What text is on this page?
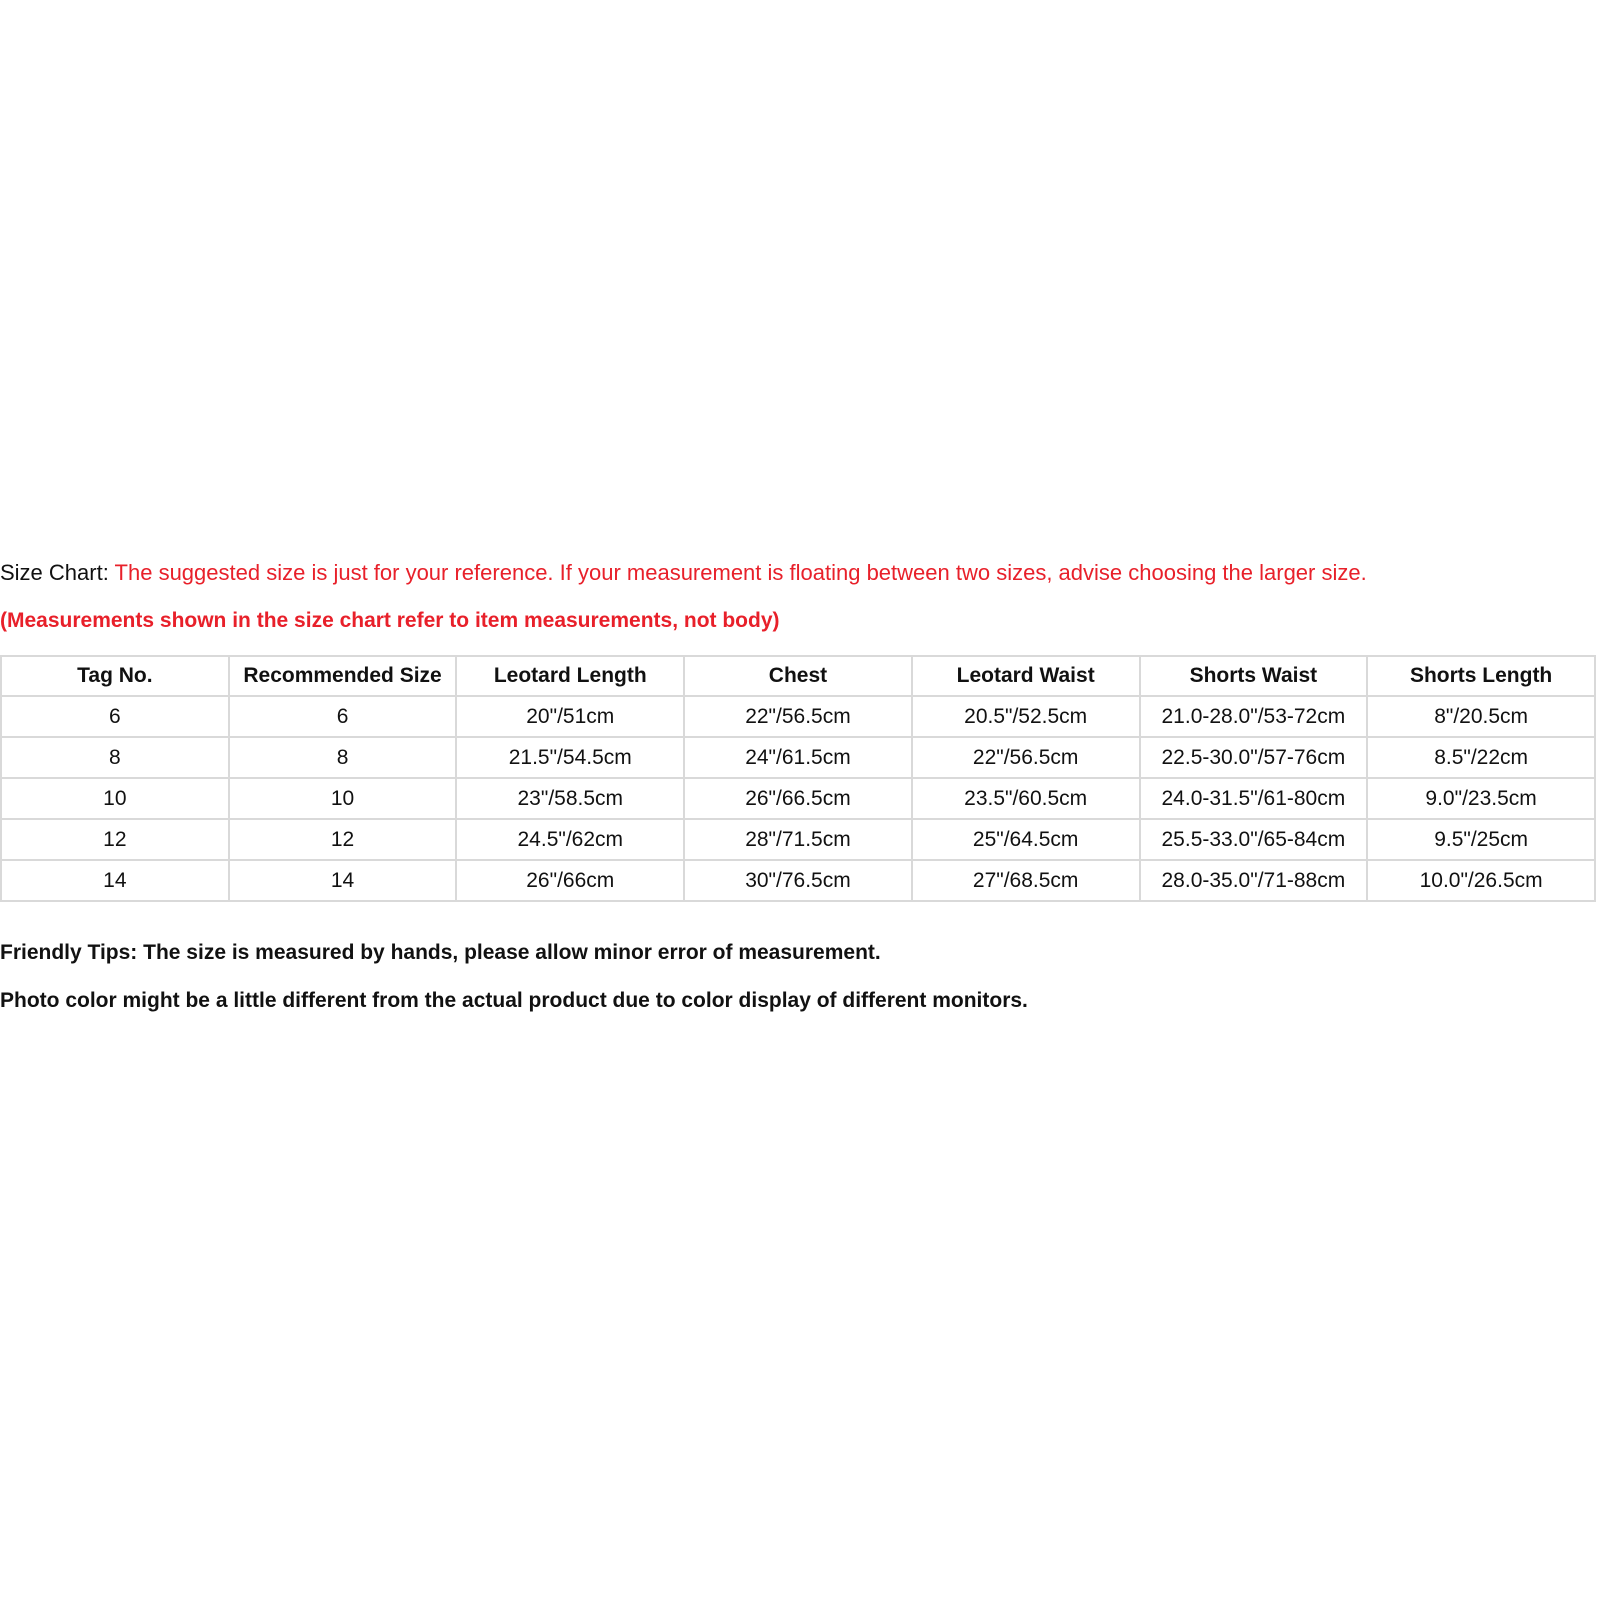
Size Chart: The suggested size is just for your reference. If your measurement is floating between two sizes, advise choosing the larger size.

(Measurements shown in the size chart refer to item measurements, not body)

Tag No.	Recommended Size	Leotard Length	Chest	Leotard Waist	Shorts Waist	Shorts Length
6	6	20"/51cm	22"/56.5cm	20.5"/52.5cm	21.0-28.0"/53-72cm	8"/20.5cm
8	8	21.5"/54.5cm	24"/61.5cm	22"/56.5cm	22.5-30.0"/57-76cm	8.5"/22cm
10	10	23"/58.5cm	26"/66.5cm	23.5"/60.5cm	24.0-31.5"/61-80cm	9.0"/23.5cm
12	12	24.5"/62cm	28"/71.5cm	25"/64.5cm	25.5-33.0"/65-84cm	9.5"/25cm
14	14	26"/66cm	30"/76.5cm	27"/68.5cm	28.0-35.0"/71-88cm	10.0"/26.5cm

Friendly Tips: The size is measured by hands, please allow minor error of measurement.

Photo color might be a little different from the actual product due to color display of different monitors.
